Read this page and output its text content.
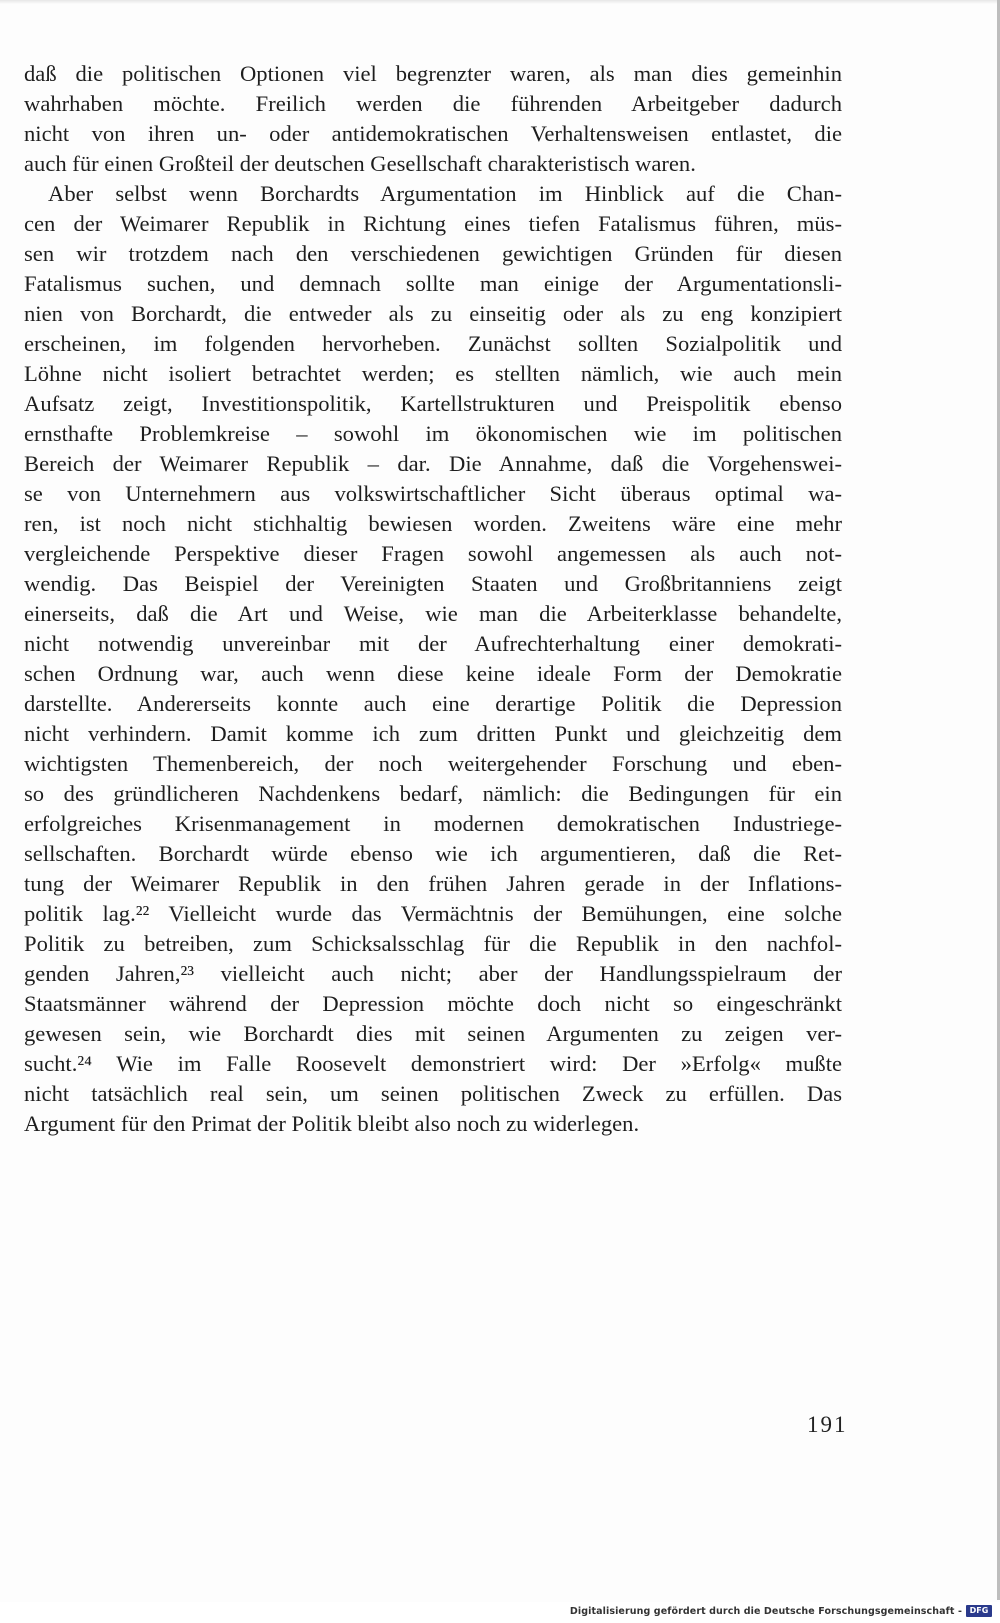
daß die politischen Optionen viel begrenzter waren, als man dies gemeinhin
wahrhaben möchte. Freilich werden die führenden Arbeitgeber dadurch
nicht von ihren un- oder antidemokratischen Verhaltensweisen entlastet, die
auch für einen Großteil der deutschen Gesellschaft charakteristisch waren.
Aber selbst wenn Borchardts Argumentation im Hinblick auf die Chan-
cen der Weimarer Republik in Richtung eines tiefen Fatalismus führen, müs-
sen wir trotzdem nach den verschiedenen gewichtigen Gründen für diesen
Fatalismus suchen, und demnach sollte man einige der Argumentationsli-
nien von Borchardt, die entweder als zu einseitig oder als zu eng konzipiert
erscheinen, im folgenden hervorheben. Zunächst sollten Sozialpolitik und
Löhne nicht isoliert betrachtet werden; es stellten nämlich, wie auch mein
Aufsatz zeigt, Investitionspolitik, Kartellstrukturen und Preispolitik ebenso
ernsthafte Problemkreise – sowohl im ökonomischen wie im politischen
Bereich der Weimarer Republik – dar. Die Annahme, daß die Vorgehenswei-
se von Unternehmern aus volkswirtschaftlicher Sicht überaus optimal wa-
ren, ist noch nicht stichhaltig bewiesen worden. Zweitens wäre eine mehr
vergleichende Perspektive dieser Fragen sowohl angemessen als auch not-
wendig. Das Beispiel der Vereinigten Staaten und Großbritanniens zeigt
einerseits, daß die Art und Weise, wie man die Arbeiterklasse behandelte,
nicht notwendig unvereinbar mit der Aufrechterhaltung einer demokrati-
schen Ordnung war, auch wenn diese keine ideale Form der Demokratie
darstellte. Andererseits konnte auch eine derartige Politik die Depression
nicht verhindern. Damit komme ich zum dritten Punkt und gleichzeitig dem
wichtigsten Themenbereich, der noch weitergehender Forschung und eben-
so des gründlicheren Nachdenkens bedarf, nämlich: die Bedingungen für ein
erfolgreiches Krisenmanagement in modernen demokratischen Industriege-
sellschaften. Borchardt würde ebenso wie ich argumentieren, daß die Ret-
tung der Weimarer Republik in den frühen Jahren gerade in der Inflations-
politik lag.²² Vielleicht wurde das Vermächtnis der Bemühungen, eine solche
Politik zu betreiben, zum Schicksalsschlag für die Republik in den nachfol-
genden Jahren,²³ vielleicht auch nicht; aber der Handlungsspielraum der
Staatsmänner während der Depression möchte doch nicht so eingeschränkt
gewesen sein, wie Borchardt dies mit seinen Argumenten zu zeigen ver-
sucht.²⁴ Wie im Falle Roosevelt demonstriert wird: Der »Erfolg« mußte
nicht tatsächlich real sein, um seinen politischen Zweck zu erfüllen. Das
Argument für den Primat der Politik bleibt also noch zu widerlegen.
191
Digitalisierung gefördert durch die Deutsche Forschungsgemeinschaft - DFG
